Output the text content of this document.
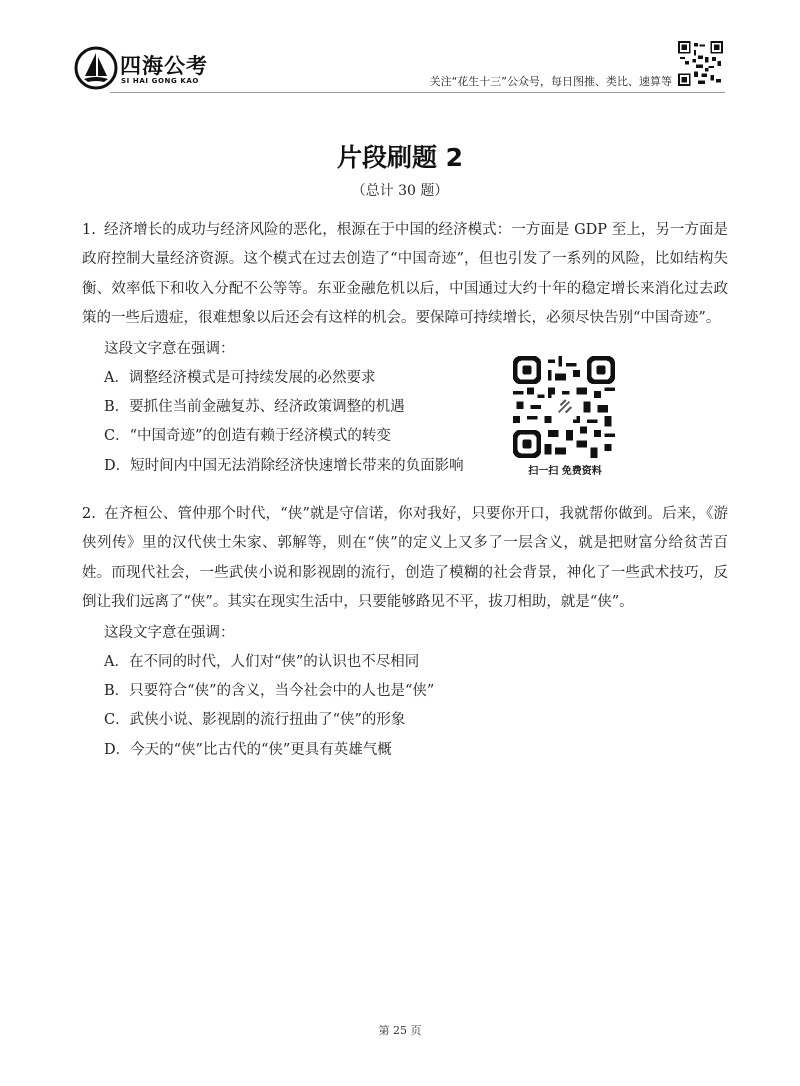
四海公考
SI HAI GONG KAO	关注“花生十三”公众号，每日图推、类比、速算等
片段刷题 2
（总计 30 题）

1. 经济增长的成功与经济风险的恶化，根源在于中国的经济模式：一方面是 GDP 至上，另一方面是政府控制大量经济资源。这个模式在过去创造了“中国奇迹”，但也引发了一系列的风险，比如结构失衡、效率低下和收入分配不公等等。东亚金融危机以后，中国通过大约十年的稳定增长来消化过去政策的一些后遗症，很难想象以后还会有这样的机会。要保障可持续增长，必须尽快告别“中国奇迹”。

这段文字意在强调：

A．调整经济模式是可持续发展的必然要求

B．要抓住当前金融复苏、经济政策调整的机遇

C．“中国奇迹”的创造有赖于经济模式的转变

D．短时间内中国无法消除经济快速增长带来的负面影响	扫一扫 免费资料

2. 在齐桓公、管仲那个时代，“侠”就是守信诺，你对我好，只要你开口，我就帮你做到。后来，《游侠列传》里的汉代侠士朱家、郭解等，则在“侠”的定义上又多了一层含义，就是把财富分给贫苦百姓。而现代社会，一些武侠小说和影视剧的流行，创造了模糊的社会背景，神化了一些武术技巧，反倒让我们远离了“侠”。其实在现实生活中，只要能够路见不平，拔刀相助，就是“侠”。

这段文字意在强调：

A．在不同的时代，人们对“侠”的认识也不尽相同

B．只要符合“侠”的含义，当今社会中的人也是“侠”

C．武侠小说、影视剧的流行扭曲了“侠”的形象

D．今天的“侠”比古代的“侠”更具有英雄气概

第 25 页
